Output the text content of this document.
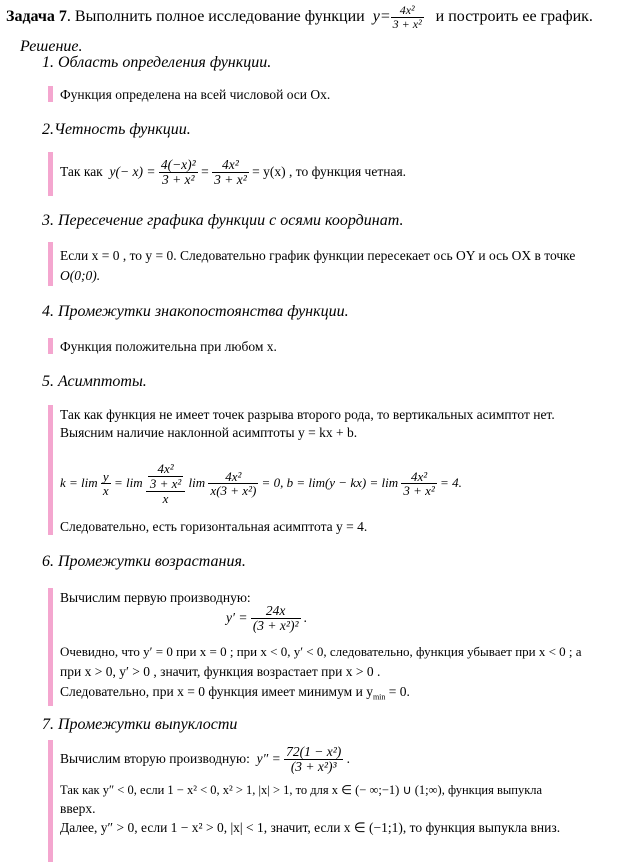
Задача 7. Выполнить полное исследование функции $y= \frac{\text{4x²}}{\text{3 + x²}}$ и построить ее график.
Решение.
1. Область определения функции.
Функция определена на всей числовой оси Ox.
2.Четность функции.
Так как $y(- x) = \frac{\text{4(−x)²}}{\text{3 + x²}} = \frac{\text{4x²}}{\text{3 + x²}} = y(x)$ , то функция четная.
3. Пересечение графика функции с осями координат.
Если x = 0 , то y = 0. Следовательно график функции пересекает ось OY и ось OX в точке
O(0;0).
4. Промежутки знакопостоянства функции.
Функция положительна при любом x.
5. Асимптоты.
Так как функция не имеет точек разрыва второго рода, то вертикальных асимптот нет.
Выясним наличие наклонной асимптоты y = kx + b.
$k = \lim \frac{y}{x} = \lim \frac{\frac{\text{4x²}}{\text{3 + x²}}}{x}$ $\lim \frac{\text{4x²}}{\text{x(3 + x²)}} = 0$, $b = \lim(y - kx) = \lim \frac{\text{4x²}}{\text{3 + x²}} = 4$.
Следовательно, есть горизонтальная асимптота y = 4.
6. Промежутки возрастания.
Вычислим первую производную:
$y' = \frac{24x}{\text{(3 + x²)²}}$ .
Очевидно, что y′ = 0 при x = 0 ; при x < 0, y′ < 0, следовательно, функция убывает при x < 0 ; а
при x > 0, y′ > 0 , значит, функция возрастает при x > 0 .
Следовательно, при x = 0 функция имеет минимум и $y_{min} = 0$.
7. Промежутки выпуклости
Вычислим вторую производную: $y'' = \frac{\text{72(1 − x²)}}{\text{(3 + x²)³}}$ .
Так как y″ < 0, если 1 − x² < 0, x² > 1, |x| > 1, то для x ∈ (− ∞;−1) ∪ (1;∞), функция выпукла
вверх.
Далее, y″ > 0, если 1 − x² > 0, |x| < 1, значит, если x ∈ (−1;1), то функция выпукла вниз.
